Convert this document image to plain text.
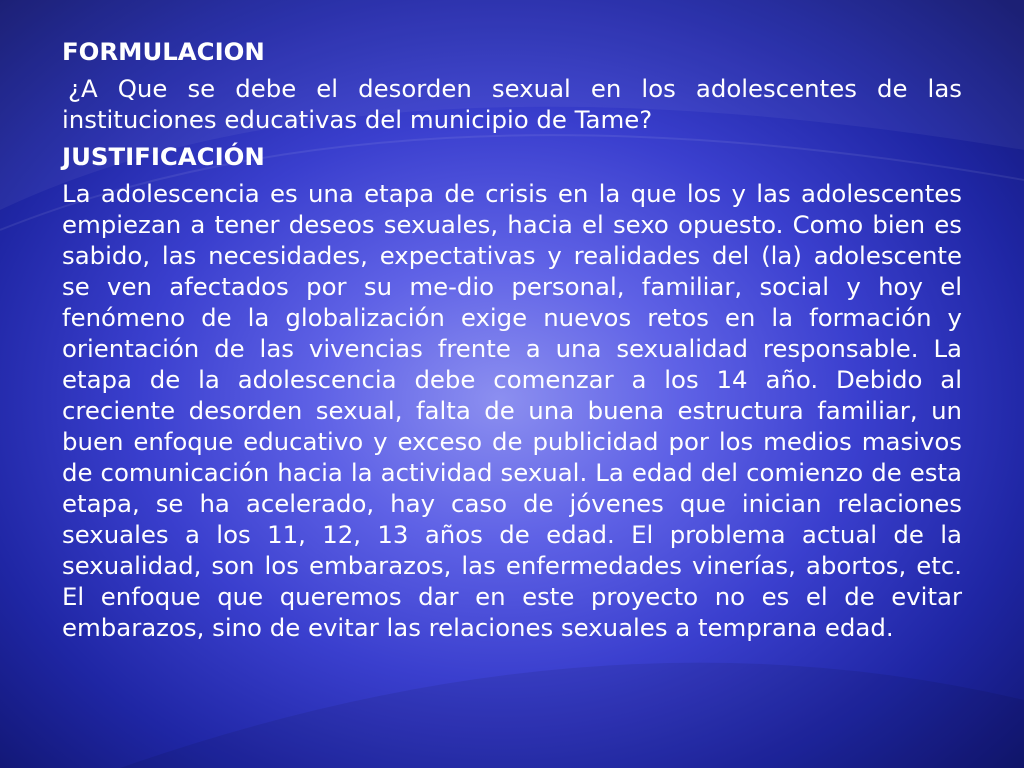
FORMULACION

¿A Que se debe el desorden sexual en los adolescentes de las instituciones educativas del municipio de Tame?

JUSTIFICACIÓN

La adolescencia es una etapa de crisis en la que los y las adolescentes empiezan a tener deseos sexuales, hacia el sexo opuesto. Como bien es sabido, las necesidades, expectativas y realidades del (la) adolescente se ven afectados por su me-dio personal, familiar, social y hoy el fenómeno de la globalización exige nuevos retos en la formación y orientación de las vivencias frente a una sexualidad responsable. La etapa de la adolescencia debe comenzar a los 14 año. Debido al creciente desorden sexual, falta de una buena estructura familiar, un buen enfoque educativo y exceso de publicidad por los medios masivos de comunicación hacia la actividad sexual. La edad del comienzo de esta etapa, se ha acelerado, hay caso de jóvenes que inician relaciones sexuales a los 11, 12, 13 años de edad. El problema actual de la sexualidad, son los embarazos, las enfermedades vinerías, abortos, etc. El enfoque que queremos dar en este proyecto no es el de evitar embarazos, sino de evitar las relaciones sexuales a temprana edad.
